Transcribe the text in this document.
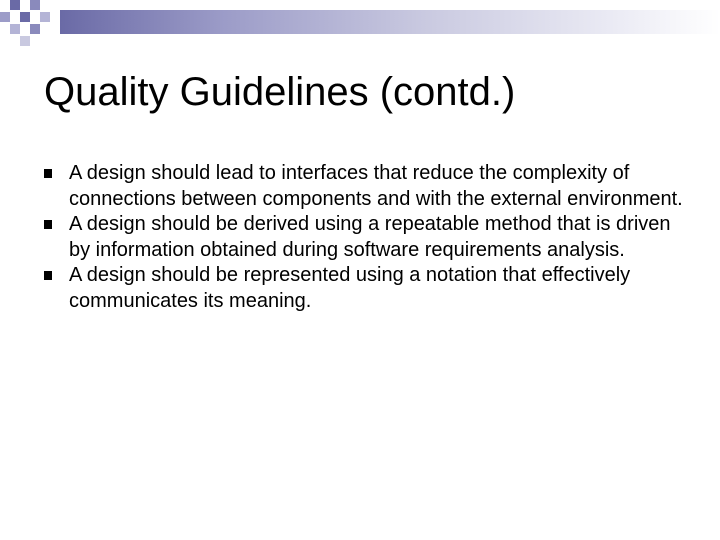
Quality Guidelines (contd.)
A design should lead to interfaces that reduce the complexity of connections between components and with the external environment.
A design should be derived using a repeatable method that is driven by information obtained during software requirements analysis.
A design should be represented using a notation that effectively communicates its meaning.
